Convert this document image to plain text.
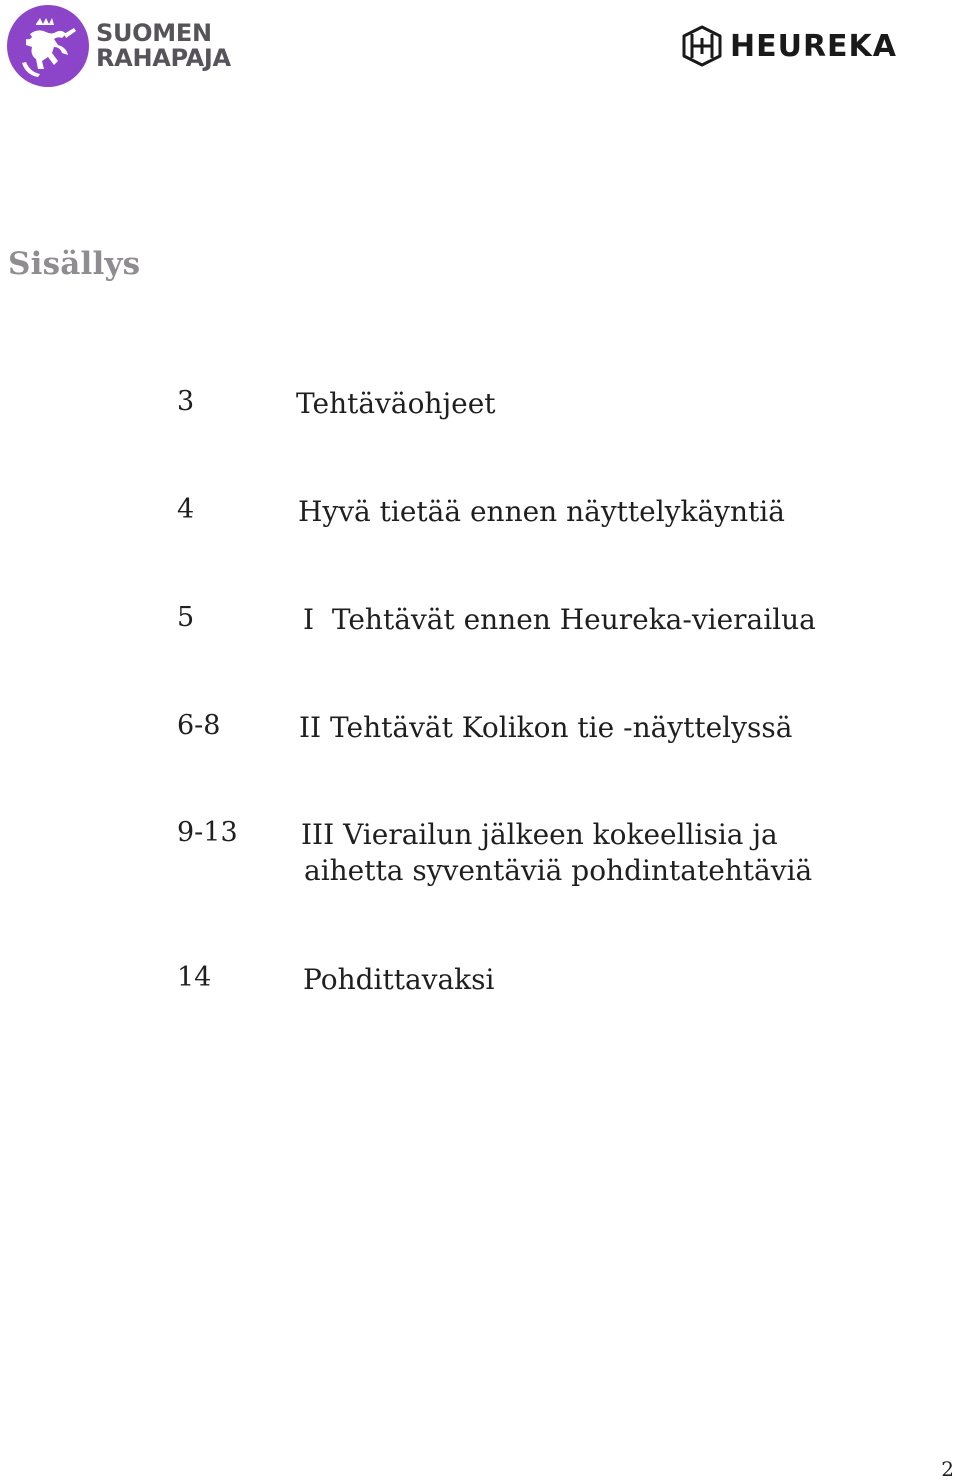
SUOMEN
RAHAPAJA	HEUREKA
Sisällys
3	Tehtäväohjeet
4	Hyvä tietää ennen näyttelykäyntiä
5	I  Tehtävät ennen Heureka-vierailua
6-8	II Tehtävät Kolikon tie -näyttelyssä
9-13 III Vierailun jälkeen kokeellisia ja
aihetta syventäviä pohdintatehtäviä
14	Pohdittavaksi
2
